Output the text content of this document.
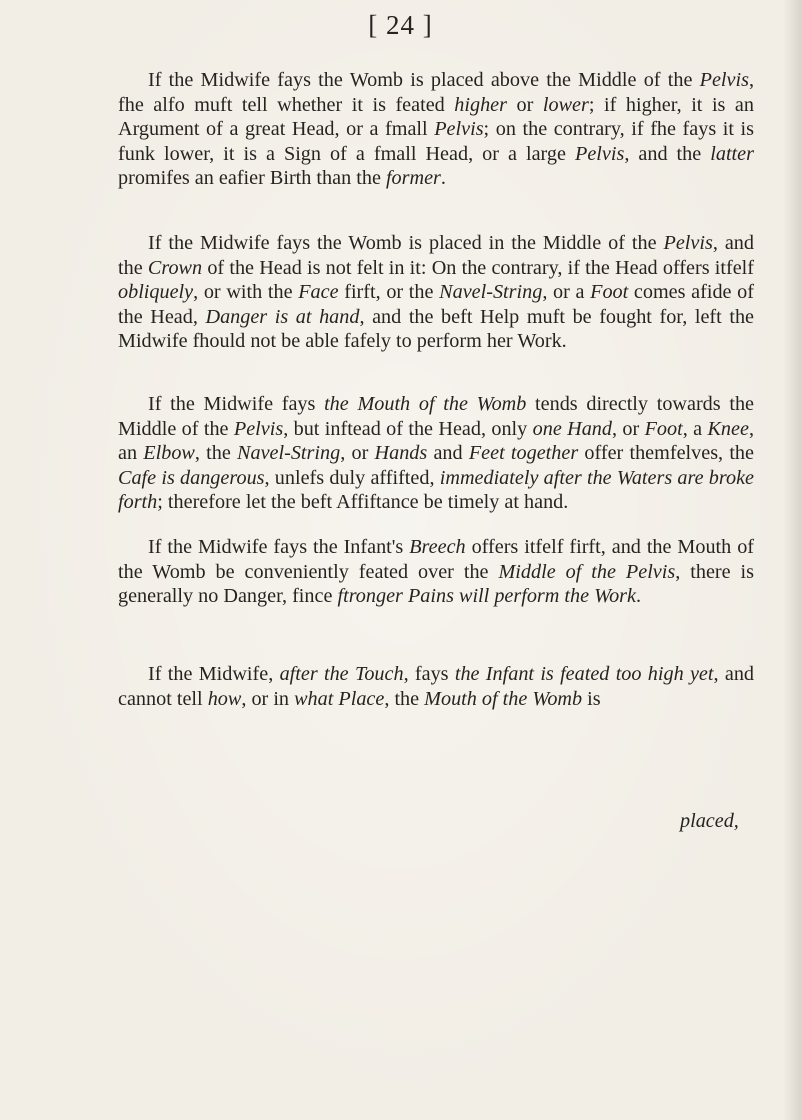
[ 24 ]

If the Midwife fays the Womb is placed above the Middle of the Pelvis, fhe alfo muft tell whether it is feated higher or lower; if higher, it is an Argument of a great Head, or a fmall Pelvis; on the contrary, if fhe fays it is funk lower, it is a Sign of a fmall Head, or a large Pelvis, and the latter promifes an eafier Birth than the former.

If the Midwife fays the Womb is placed in the Middle of the Pelvis, and the Crown of the Head is not felt in it: On the contrary, if the Head offers itfelf obliquely, or with the Face firft, or the Navel-String, or a Foot comes afide of the Head, Danger is at hand, and the beft Help muft be fought for, left the Midwife fhould not be able fafely to perform her Work.

If the Midwife fays the Mouth of the Womb tends directly towards the Middle of the Pelvis, but inftead of the Head, only one Hand, or Foot, a Knee, an Elbow, the Navel-String, or Hands and Feet together offer themfelves, the Cafe is dangerous, unlefs duly affifted, immediately after the Waters are broke forth; therefore let the beft Affiftance be timely at hand.

If the Midwife fays the Infant's Breech offers itfelf firft, and the Mouth of the Womb be conveniently feated over the Middle of the Pelvis, there is generally no Danger, fince ftronger Pains will perform the Work.

If the Midwife, after the Touch, fays the Infant is feated too high yet, and cannot tell how, or in what Place, the Mouth of the Womb is

placed,
